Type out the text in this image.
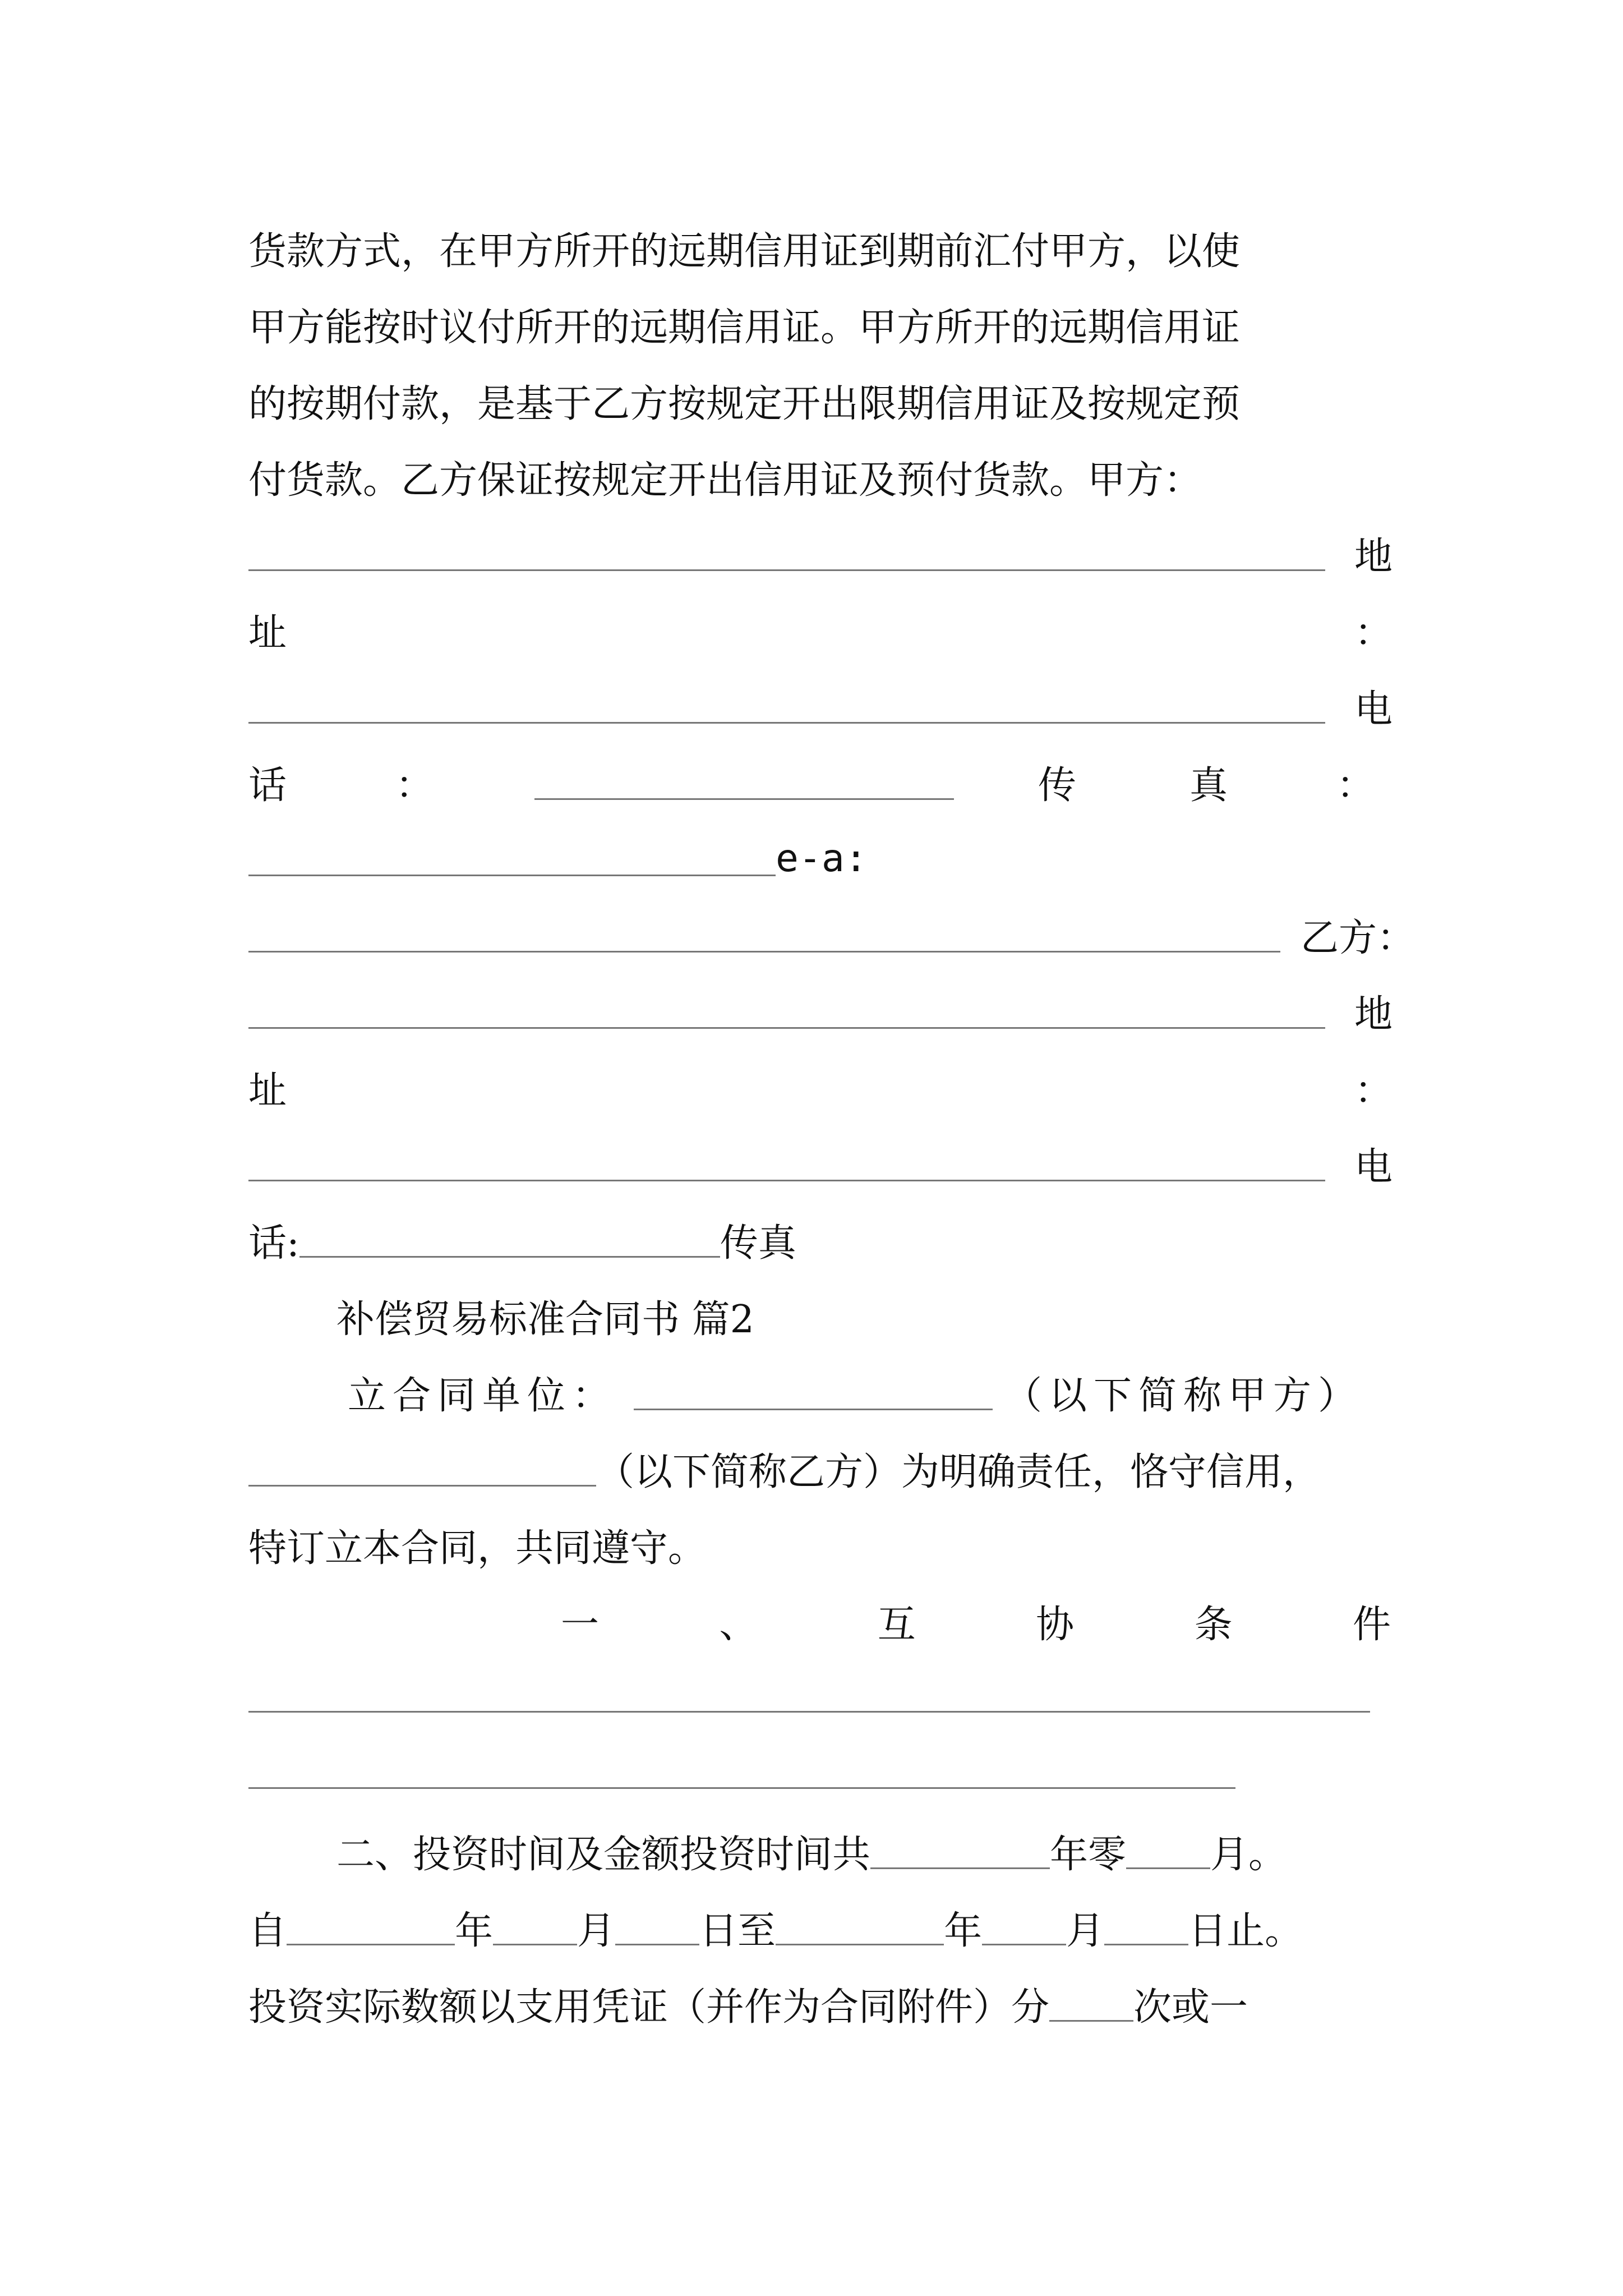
货款方式，在甲方所开的远期信用证到期前汇付甲方，以使
甲方能按时议付所开的远期信用证。甲方所开的远期信用证
的按期付款，是基于乙方按规定开出限期信用证及按规定预
付货款。乙方保证按规定开出信用证及预付货款。甲方：
地
址	：
电
话	：	传	真	：
e-a:
乙方：
地
址	：
电
话:	传真
补偿贸易标准合同书 篇2
立合同单位：	（以下简称甲方）
（以下简称乙方）为明确责任，恪守信用，
特订立本合同，共同遵守。
一	、	互	协	条	件
二、投资时间及金额投资时间共	年零 月。
自	年 月 日至	年 月 日止。
投资实际数额以支用凭证（并作为合同附件）分 次或一
